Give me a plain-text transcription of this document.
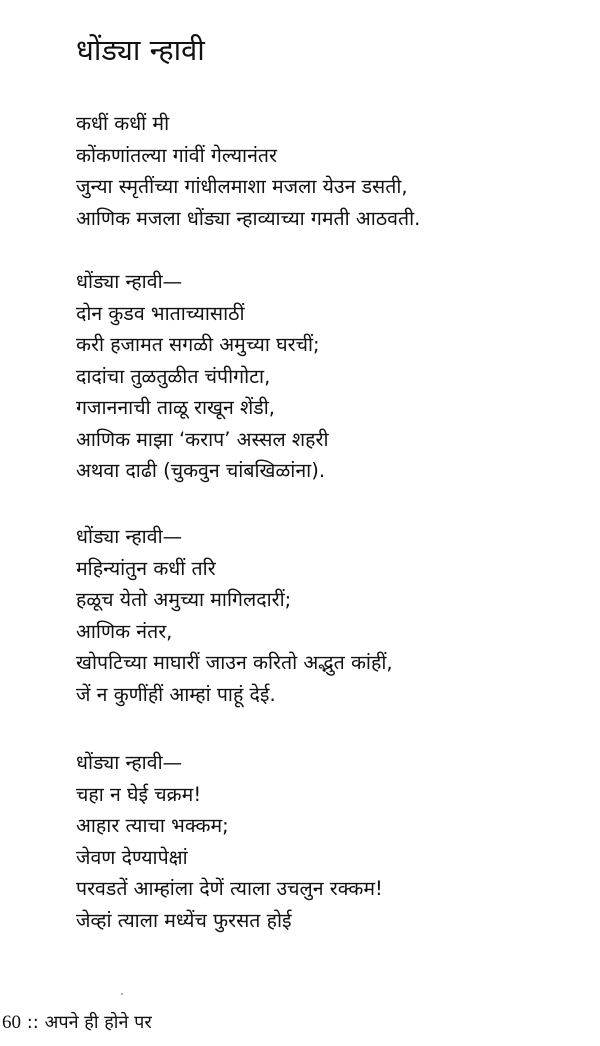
धोंड्या न्हावी
कधीं कधीं मी
कोंकणांतल्या गांवीं गेल्यानंतर
जुन्या स्मृतींच्या गांधीलमाशा मजला येउन डसती,
आणिक मजला धोंड्या न्हाव्याच्या गमती आठवती.
धोंड्या न्हावी—
दोन कुडव भाताच्यासाठीं
करी हजामत सगळी अमुच्या घरचीं;
दादांचा तुळतुळीत चंपीगोटा,
गजाननाची ताळू राखून शेंडी,
आणिक माझा ‘कराप’ अस्सल शहरी
अथवा दाढी (चुकवुन चांबखिळांना).
धोंड्या न्हावी—
महिन्यांतुन कधीं तरि
हळूच येतो अमुच्या मागिलदारीं;
आणिक नंतर,
खोपटिच्या माघारीं जाउन करितो अद्भुत कांहीं,
जें न कुणींहीं आम्हां पाहूं देई.
धोंड्या न्हावी—
चहा न घेई चक्रम!
आहार त्याचा भक्कम;
जेवण देण्यापेक्षां
परवडतें आम्हांला देणें त्याला उचलुन रक्कम!
जेव्हां त्याला मध्येंच फुरसत होई
60 :: अपने ही होने पर
